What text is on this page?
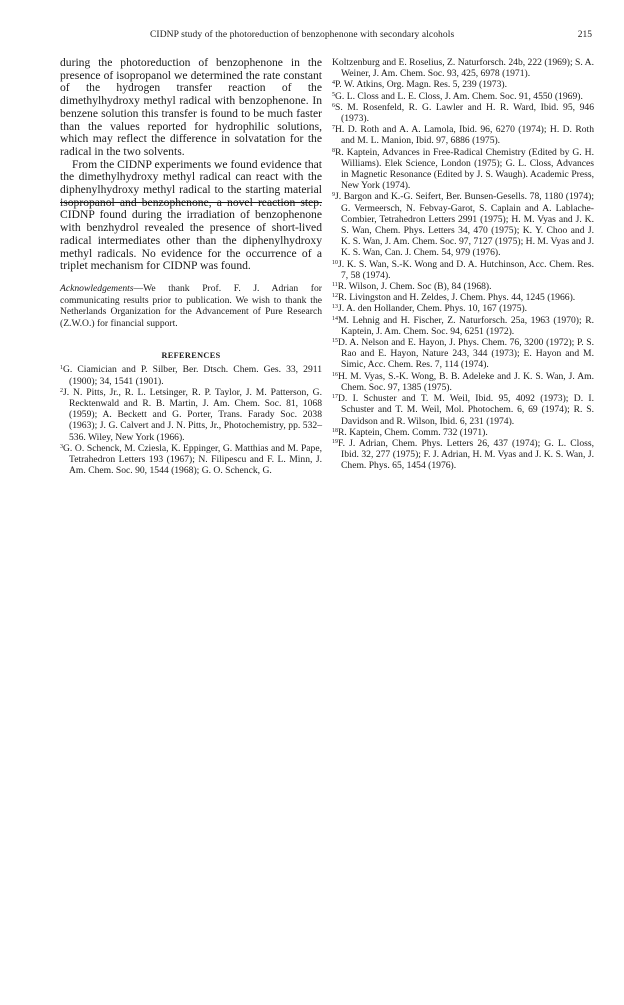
CIDNP study of the photoreduction of benzophenone with secondary alcohols	215

during the photoreduction of benzophenone in the presence of isopropanol we determined the rate constant of the hydrogen transfer reaction of the dimethylhydroxy methyl radical with benzophenone. In benzene solution this transfer is found to be much faster than the values reported for hydrophilic solutions, which may reflect the difference in solvatation for the radical in the two solvents.

From the CIDNP experiments we found evidence that the dimethylhydroxy methyl radical can react with the diphenylhydroxy methyl radical to the starting material isopropanol and benzophenone, a novel reaction step. CIDNP found during the irradiation of benzophenone with benzhydrol revealed the presence of short-lived radical intermediates other than the diphenylhydroxy methyl radicals. No evidence for the occurrence of a triplet mechanism for CIDNP was found.

Acknowledgements—We thank Prof. F. J. Adrian for communicating results prior to publication. We wish to thank the Netherlands Organization for the Advancement of Pure Research (Z.W.O.) for financial support.
REFERENCES

$^1$G. Ciamician and P. Silber, Ber. Dtsch. Chem. Ges. 33, 2911 (1900); 34, 1541 (1901).

$^2$J. N. Pitts, Jr., R. L. Letsinger, R. P. Taylor, J. M. Patterson, G. Recktenwald and R. B. Martin, J. Am. Chem. Soc. 81, 1068 (1959); A. Beckett and G. Porter, Trans. Farady Soc. 2038 (1963); J. G. Calvert and J. N. Pitts, Jr., Photochemistry, pp. 532–536. Wiley, New York (1966).

$^3$G. O. Schenck, M. Cziesla, K. Eppinger, G. Matthias and M. Pape, Tetrahedron Letters 193 (1967); N. Filipescu and F. L. Minn, J. Am. Chem. Soc. 90, 1544 (1968); G. O. Schenck, G.

Koltzenburg and E. Roselius, Z. Naturforsch. 24b, 222 (1969); S. A. Weiner, J. Am. Chem. Soc. 93, 425, 6978 (1971).

$^4$P. W. Atkins, Org. Magn. Res. 5, 239 (1973).

$^5$G. L. Closs and L. E. Closs, J. Am. Chem. Soc. 91, 4550 (1969).

$^6$S. M. Rosenfeld, R. G. Lawler and H. R. Ward, Ibid. 95, 946 (1973).

$^7$H. D. Roth and A. A. Lamola, Ibid. 96, 6270 (1974); H. D. Roth and M. L. Manion, Ibid. 97, 6886 (1975).

$^8$R. Kaptein, Advances in Free-Radical Chemistry (Edited by G. H. Williams). Elek Science, London (1975); G. L. Closs, Advances in Magnetic Resonance (Edited by J. S. Waugh). Academic Press, New York (1974).

$^9$J. Bargon and K.-G. Seifert, Ber. Bunsen-Gesells. 78, 1180 (1974); G. Vermeersch, N. Febvay-Garot, S. Caplain and A. Lablache-Combier, Tetrahedron Letters 2991 (1975); H. M. Vyas and J. K. S. Wan, Chem. Phys. Letters 34, 470 (1975); K. Y. Choo and J. K. S. Wan, J. Am. Chem. Soc. 97, 7127 (1975); H. M. Vyas and J. K. S. Wan, Can. J. Chem. 54, 979 (1976).

$^{10}$J. K. S. Wan, S.-K. Wong and D. A. Hutchinson, Acc. Chem. Res. 7, 58 (1974).

$^{11}$R. Wilson, J. Chem. Soc (B), 84 (1968).

$^{12}$R. Livingston and H. Zeldes, J. Chem. Phys. 44, 1245 (1966).

$^{13}$J. A. den Hollander, Chem. Phys. 10, 167 (1975).

$^{14}$M. Lehnig and H. Fischer, Z. Naturforsch. 25a, 1963 (1970); R. Kaptein, J. Am. Chem. Soc. 94, 6251 (1972).

$^{15}$D. A. Nelson and E. Hayon, J. Phys. Chem. 76, 3200 (1972); P. S. Rao and E. Hayon, Nature 243, 344 (1973); E. Hayon and M. Simic, Acc. Chem. Res. 7, 114 (1974).

$^{16}$H. M. Vyas, S.-K. Wong, B. B. Adeleke and J. K. S. Wan, J. Am. Chem. Soc. 97, 1385 (1975).

$^{17}$D. I. Schuster and T. M. Weil, Ibid. 95, 4092 (1973); D. I. Schuster and T. M. Weil, Mol. Photochem. 6, 69 (1974); R. S. Davidson and R. Wilson, Ibid. 6, 231 (1974).

$^{18}$R. Kaptein, Chem. Comm. 732 (1971).

$^{19}$F. J. Adrian, Chem. Phys. Letters 26, 437 (1974); G. L. Closs, Ibid. 32, 277 (1975); F. J. Adrian, H. M. Vyas and J. K. S. Wan, J. Chem. Phys. 65, 1454 (1976).
